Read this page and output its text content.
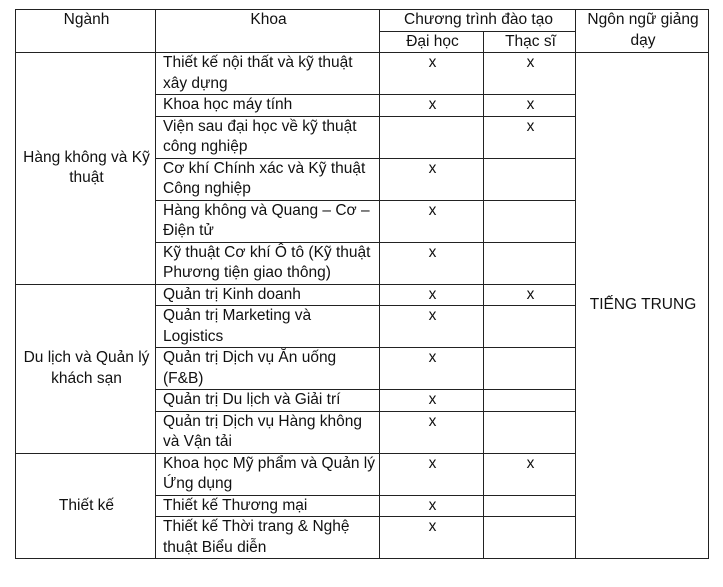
Ngành	Khoa	Chương trình đào tạo		Ngôn ngữ giảng dạy
		Đại học	Thạc sĩ	
Hàng không và Kỹ thuật	Thiết kế nội thất và kỹ thuật xây dựng	x	x	TIẾNG TRUNG
	Khoa học máy tính	x	x	
	Viện sau đại học về kỹ thuật công nghiệp		x	
	Cơ khí Chính xác và Kỹ thuật Công nghiệp	x		
	Hàng không và Quang – Cơ – Điện tử	x		
	Kỹ thuật Cơ khí Ô tô (Kỹ thuật Phương tiện giao thông)	x		
Du lịch và Quản lý khách sạn	Quản trị Kinh doanh	x	x	
	Quản trị Marketing và Logistics	x		
	Quản trị Dịch vụ Ăn uống (F&B)	x		
	Quản trị Du lịch và Giải trí	x		
	Quản trị Dịch vụ Hàng không và Vận tải	x		
Thiết kế	Khoa học Mỹ phẩm và Quản lý Ứng dụng	x	x	
	Thiết kế Thương mại	x		
	Thiết kế Thời trang & Nghệ thuật Biểu diễn	x		
